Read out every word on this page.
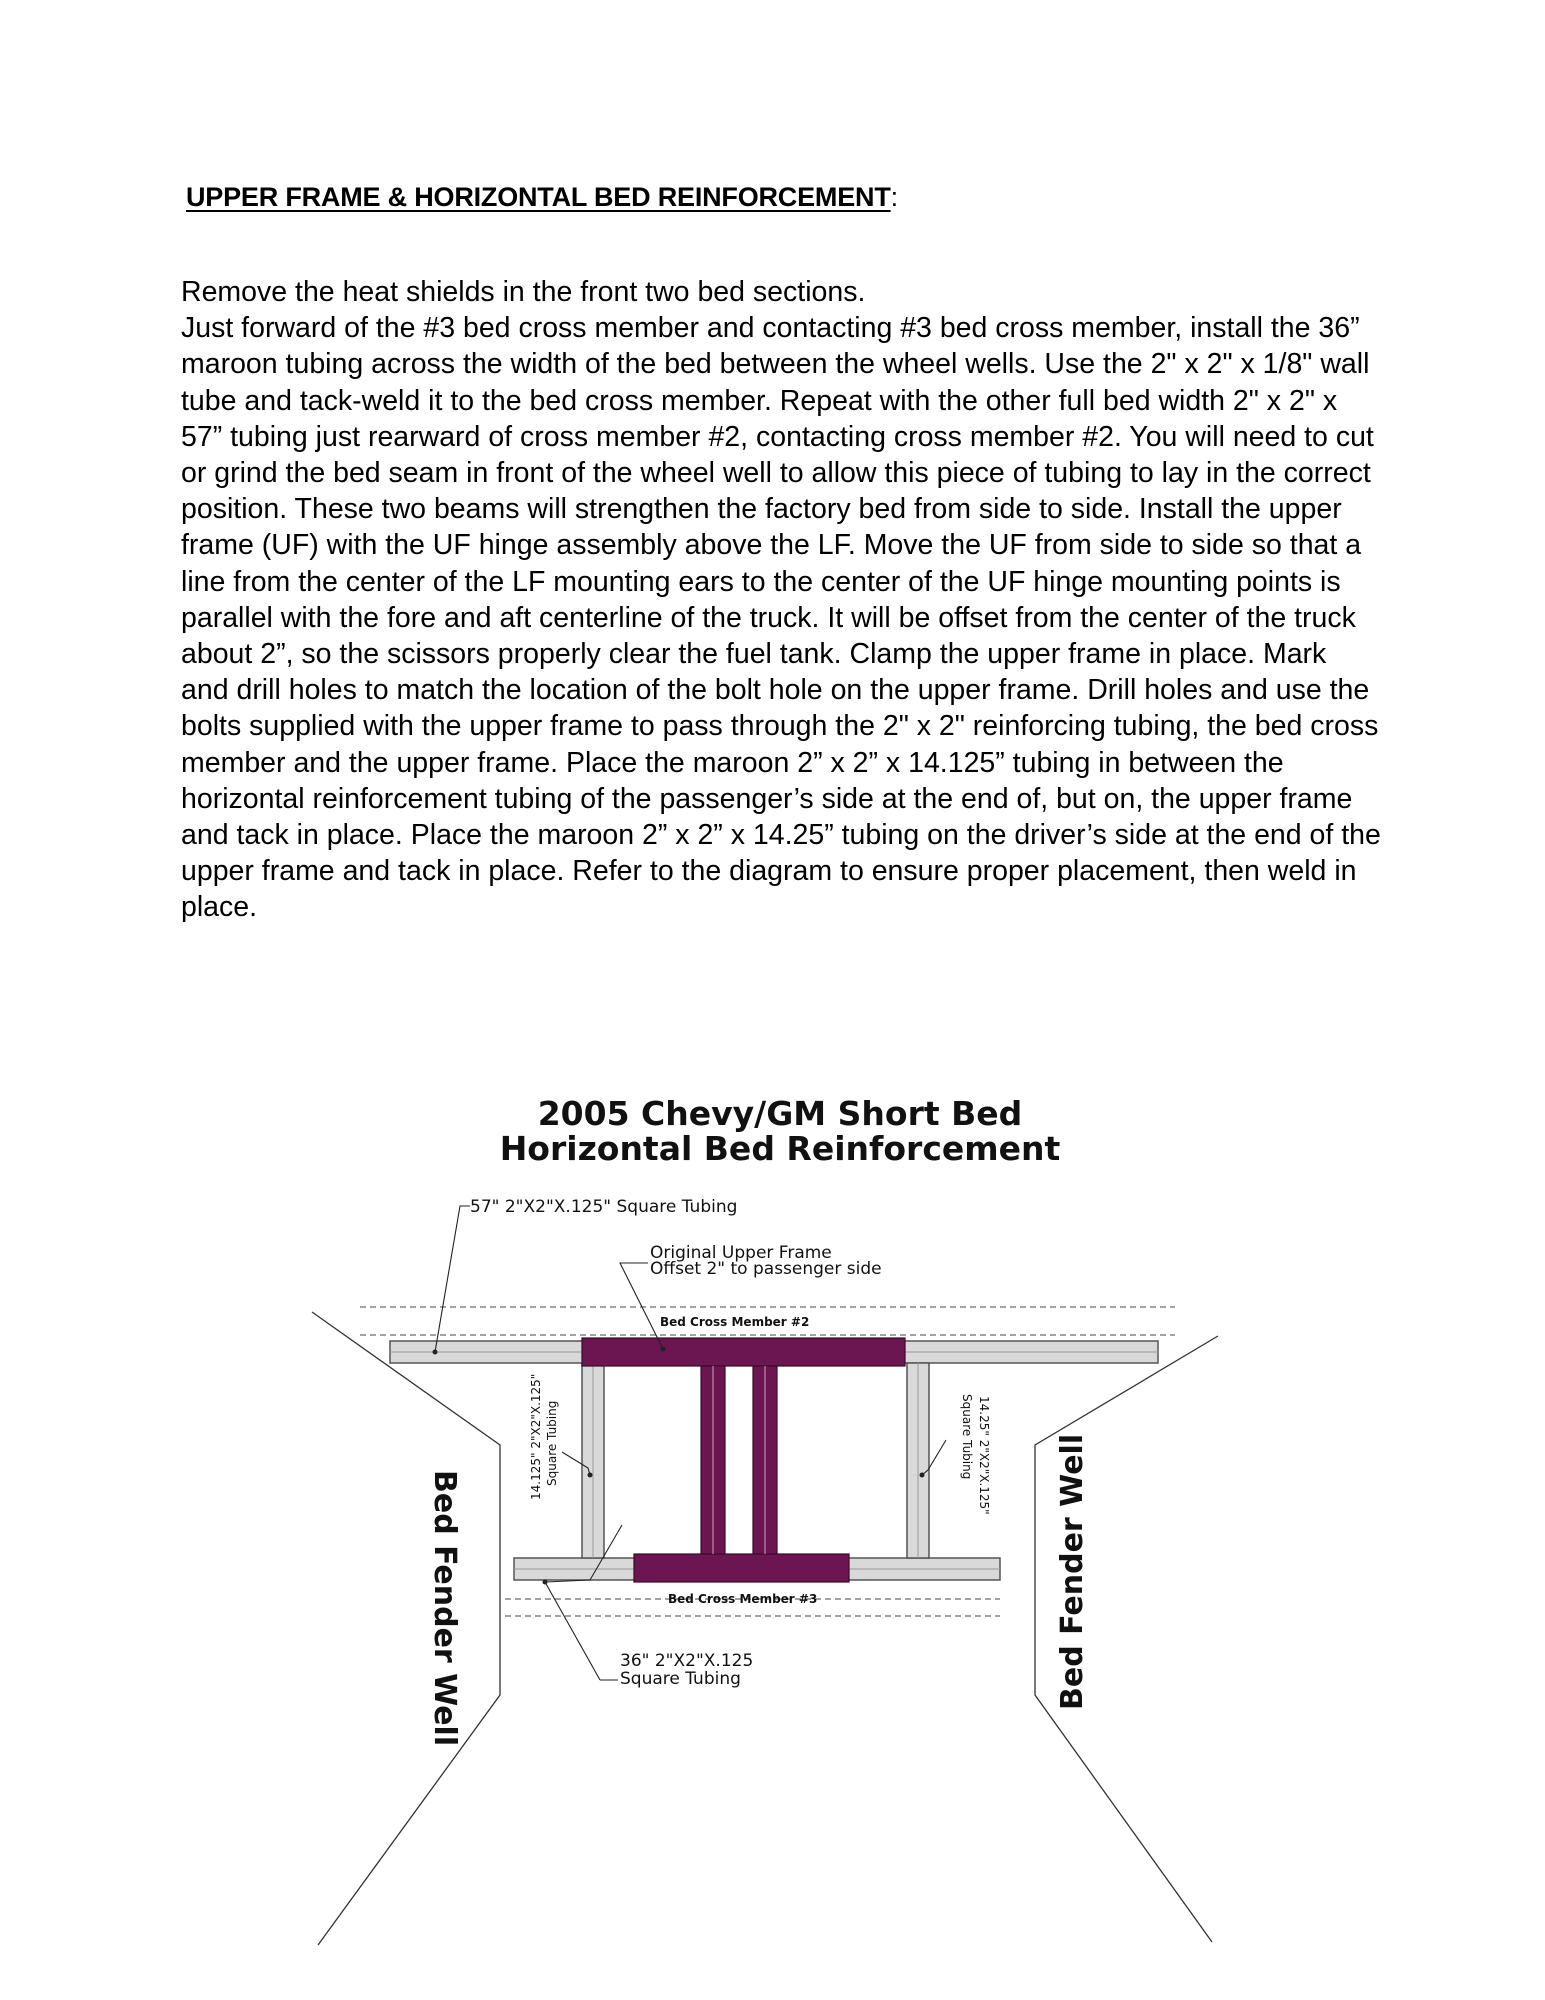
UPPER FRAME & HORIZONTAL BED REINFORCEMENT:

Remove the heat shields in the front two bed sections.

Just forward of the #3 bed cross member and contacting #3 bed cross member, install the 36” maroon tubing across the width of the bed between the wheel wells. Use the 2" x 2" x 1/8" wall tube and tack-weld it to the bed cross member. Repeat with the other full bed width 2" x 2" x 57” tubing just rearward of cross member #2, contacting cross member #2. You will need to cut or grind the bed seam in front of the wheel well to allow this piece of tubing to lay in the correct position. These two beams will strengthen the factory bed from side to side. Install the upper frame (UF) with the UF hinge assembly above the LF. Move the UF from side to side so that a line from the center of the LF mounting ears to the center of the UF hinge mounting points is parallel with the fore and aft centerline of the truck. It will be offset from the center of the truck about 2”, so the scissors properly clear the fuel tank. Clamp the upper frame in place. Mark and drill holes to match the location of the bolt hole on the upper frame. Drill holes and use the bolts supplied with the upper frame to pass through the 2" x 2" reinforcing tubing, the bed cross member and the upper frame. Place the maroon 2” x 2” x 14.125” tubing in between the horizontal reinforcement tubing of the passenger’s side at the end of, but on, the upper frame and tack in place. Place the maroon 2” x 2” x 14.25” tubing on the driver’s side at the end of the upper frame and tack in place. Refer to the diagram to ensure proper placement, then weld in place.

2005 Chevy/GM Short Bed
Horizontal Bed Reinforcement
57" 2"X2"X.125" Square Tubing
Original Upper Frame
Offset 2" to passenger side
Bed Cross Member #2
Bed Cross Member #3
36" 2"X2"X.125
Square Tubing
14.125" 2"X2"X.125" Square Tubing	Square Tubing 14.25" 2"X2"X.125"
Bed Fender Well	Bed Fender Well
